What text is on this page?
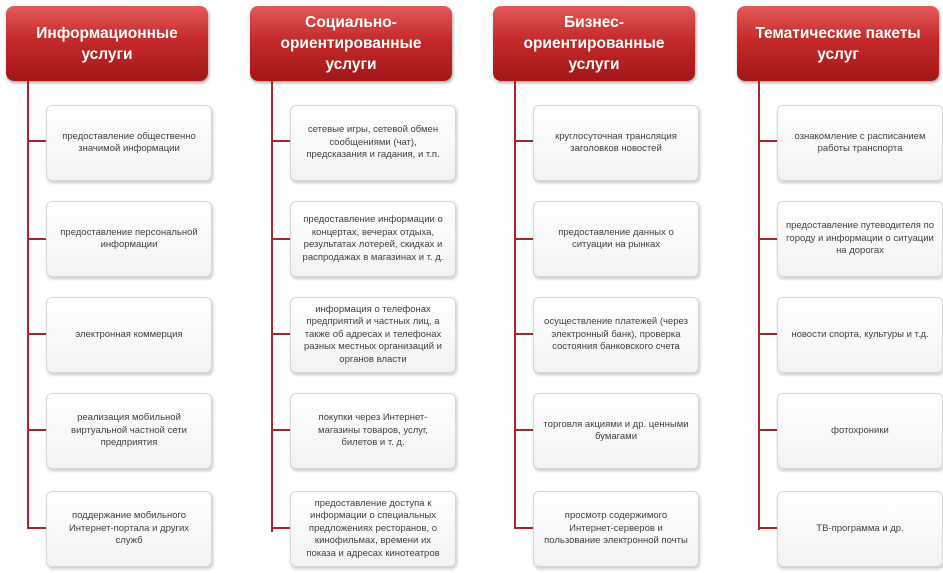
Информационные услуги
предоставление общественно значимой информации
предоставление персональной информации
электронная коммерция
реализация мобильной виртуальной частной сети предприятия
поддержание мобильного Интернет-портала и других служб
Социально-ориентированные услуги
сетевые игры, сетевой обмен сообщениями (чат), предсказания и гадания, и т.п.
предоставление информации о концертах, вечерах отдыха, результатах лотерей, скидках и распродажах в магазинах и т. д.
информация о телефонах предприятий и частных лиц, а также об адресах и телефонах разных местных организаций и органов власти
покупки через Интернет-магазины товаров, услуг, билетов и т. д.
предоставление доступа к информации о специальных предложениях ресторанов, о кинофильмах, времени их показа и адресах кинотеатров
Бизнес-ориентированные услуги
круглосуточная трансляция заголовков новостей
предоставление данных о ситуации на рынках
осуществление платежей (через электронный банк), проверка состояния банковского счета
торговля акциями и др. ценными бумагами
просмотр содержимого Интернет-серверов и пользование электронной почты
Тематические пакеты услуг
ознакомление с расписанием работы транспорта
предоставление путеводителя по городу и информации о ситуации на дорогах
новости спорта, культуры и т.д.
фотохроники
ТВ-программа и др.
